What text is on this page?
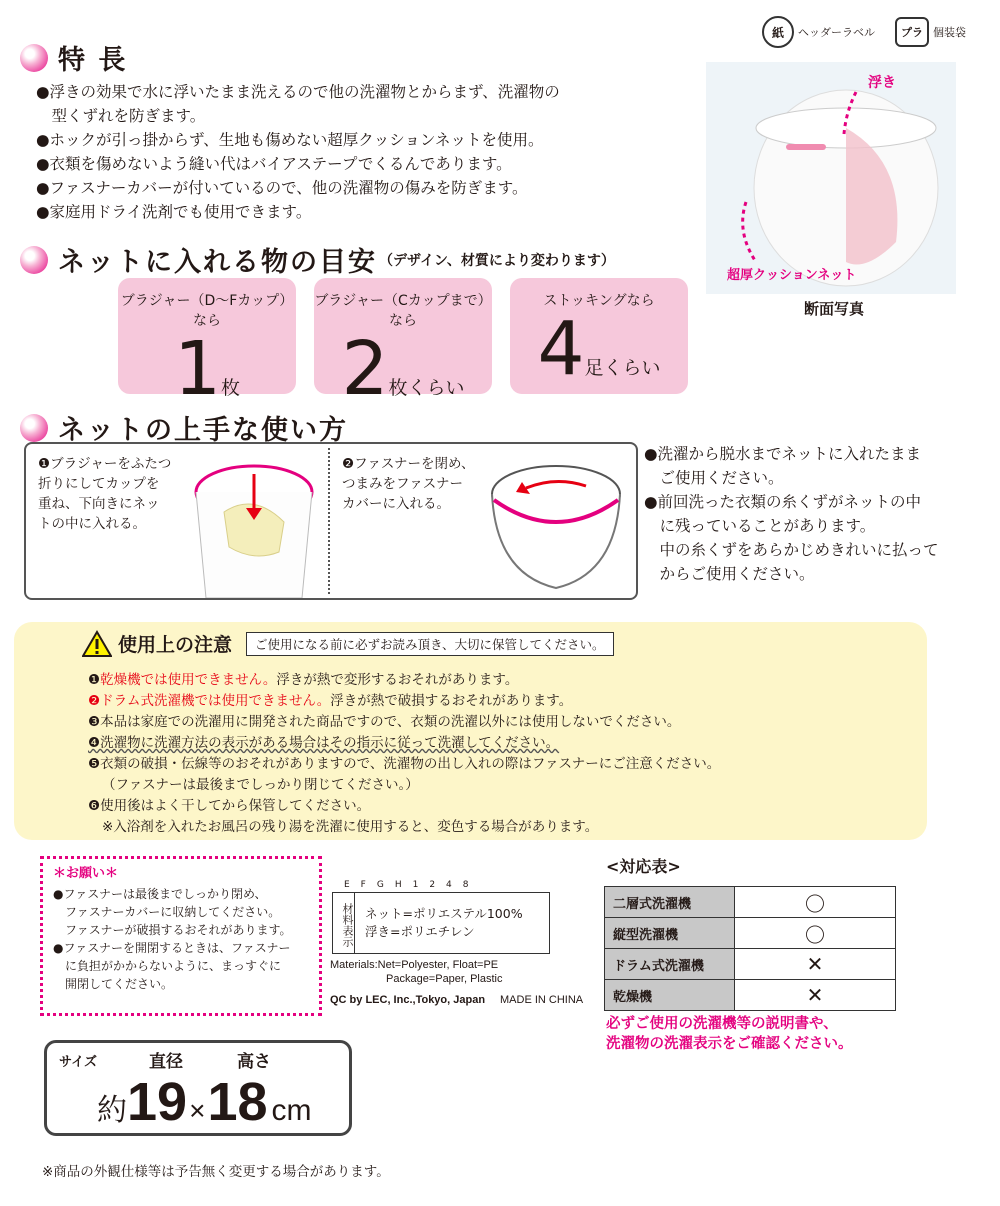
紙	ヘッダーラベル	プラ 個装袋
特 長
●浮きの効果で水に浮いたまま洗えるので他の洗濯物とからまず、洗濯物の
　型くずれを防ぎます。
●ホックが引っ掛からず、生地も傷めない超厚クッションネットを使用。
●衣類を傷めないよう縫い代はバイアステープでくるんであります。
●ファスナーカバーが付いているので、他の洗濯物の傷みを防ぎます。
●家庭用ドライ洗剤でも使用できます。
浮き
超厚クッションネット
断面写真
ネットに入れる物の目安 （デザイン、材質により変わります）
ブラジャー（D〜Fカップ）なら
1枚
ブラジャー（Cカップまで）なら
2枚くらい
ストッキングなら
4足くらい
ネットの上手な使い方
❶ブラジャーをふたつ
折りにしてカップを
重ね、下向きにネッ
トの中に入れる。
❷ファスナーを閉め、
つまみをファスナー
カバーに入れる。
●洗濯から脱水までネットに入れたまま
　ご使用ください。
●前回洗った衣類の糸くずがネットの中
　に残っていることがあります。
　中の糸くずをあらかじめきれいに払って
　からご使用ください。
使用上の注意	ご使用になる前に必ずお読み頂き、大切に保管してください。
❶乾燥機では使用できません。浮きが熱で変形するおそれがあります。
❷ドラム式洗濯機では使用できません。浮きが熱で破損するおそれがあります。
❸本品は家庭での洗濯用に開発された商品ですので、衣類の洗濯以外には使用しないでください。
❹洗濯物に洗濯方法の表示がある場合はその指示に従って洗濯してください。
❺衣類の破損・伝線等のおそれがありますので、洗濯物の出し入れの際はファスナーにご注意ください。
（ファスナーは最後までしっかり閉じてください。）
❻使用後はよく干してから保管してください。
※入浴剤を入れたお風呂の残り湯を洗濯に使用すると、変色する場合があります。
＊お願い＊
●ファスナーは最後までしっかり閉め、
　ファスナーカバーに収納してください。
　ファスナーが破損するおそれがあります。
●ファスナーを開閉するときは、ファスナー
　に負担がかからないように、まっすぐに
　開閉してください。
E　F　G　H　1　2　4　8
材料表示 ネット=ポリエステル100%
浮き=ポリエチレン
Materials:Net=Polyester, Float=PE
Package=Paper, Plastic
QC by LEC, Inc.,Tokyo, Japan MADE IN CHINA
<対応表>
二層式洗濯機	〇
縦型洗濯機	〇
ドラム式洗濯機	✕
乾燥機	✕
必ずご使用の洗濯機等の説明書や、
洗濯物の洗濯表示をご確認ください。
サイズ	直径	高さ
約 19 × 18 cm
※商品の外観仕様等は予告無く変更する場合があります。
